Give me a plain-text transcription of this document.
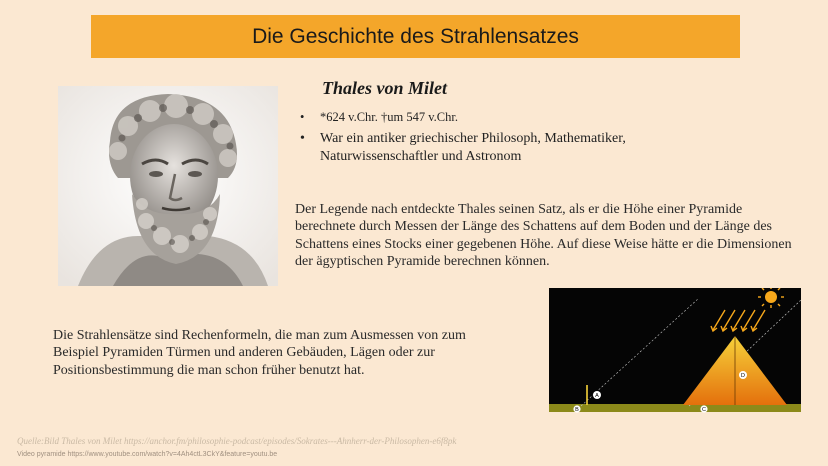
Die Geschichte des Strahlensatzes
Thales von Milet
• *624 v.Chr. †um 547 v.Chr.
• War ein antiker griechischer Philosoph, Mathematiker, Naturwissenschaftler und Astronom
Der Legende nach entdeckte Thales seinen Satz, als er die Höhe einer Pyramide berechnete durch Messen der Länge des Schattens auf dem Boden und der Länge des Schattens eines Stocks einer gegebenen Höhe. Auf diese Weise hätte er die Dimensionen der ägyptischen Pyramide berechnen können.
Die Strahlensätze sind Rechenformeln, die man zum Ausmessen von zum Beispiel Pyramiden Türmen und anderen Gebäuden, Lägen oder zur Positionsbestimmung die man schon früher benutzt hat.
A
D
B	C
Quelle:Bild Thales von Milet https://anchor.fm/philosophie-podcast/episodes/Sokrates---Ahnherr-der-Philosophen-e6f8pk
Video pyramide https://www.youtube.com/watch?v=4Ah4ctL3CkY&feature=youtu.be
